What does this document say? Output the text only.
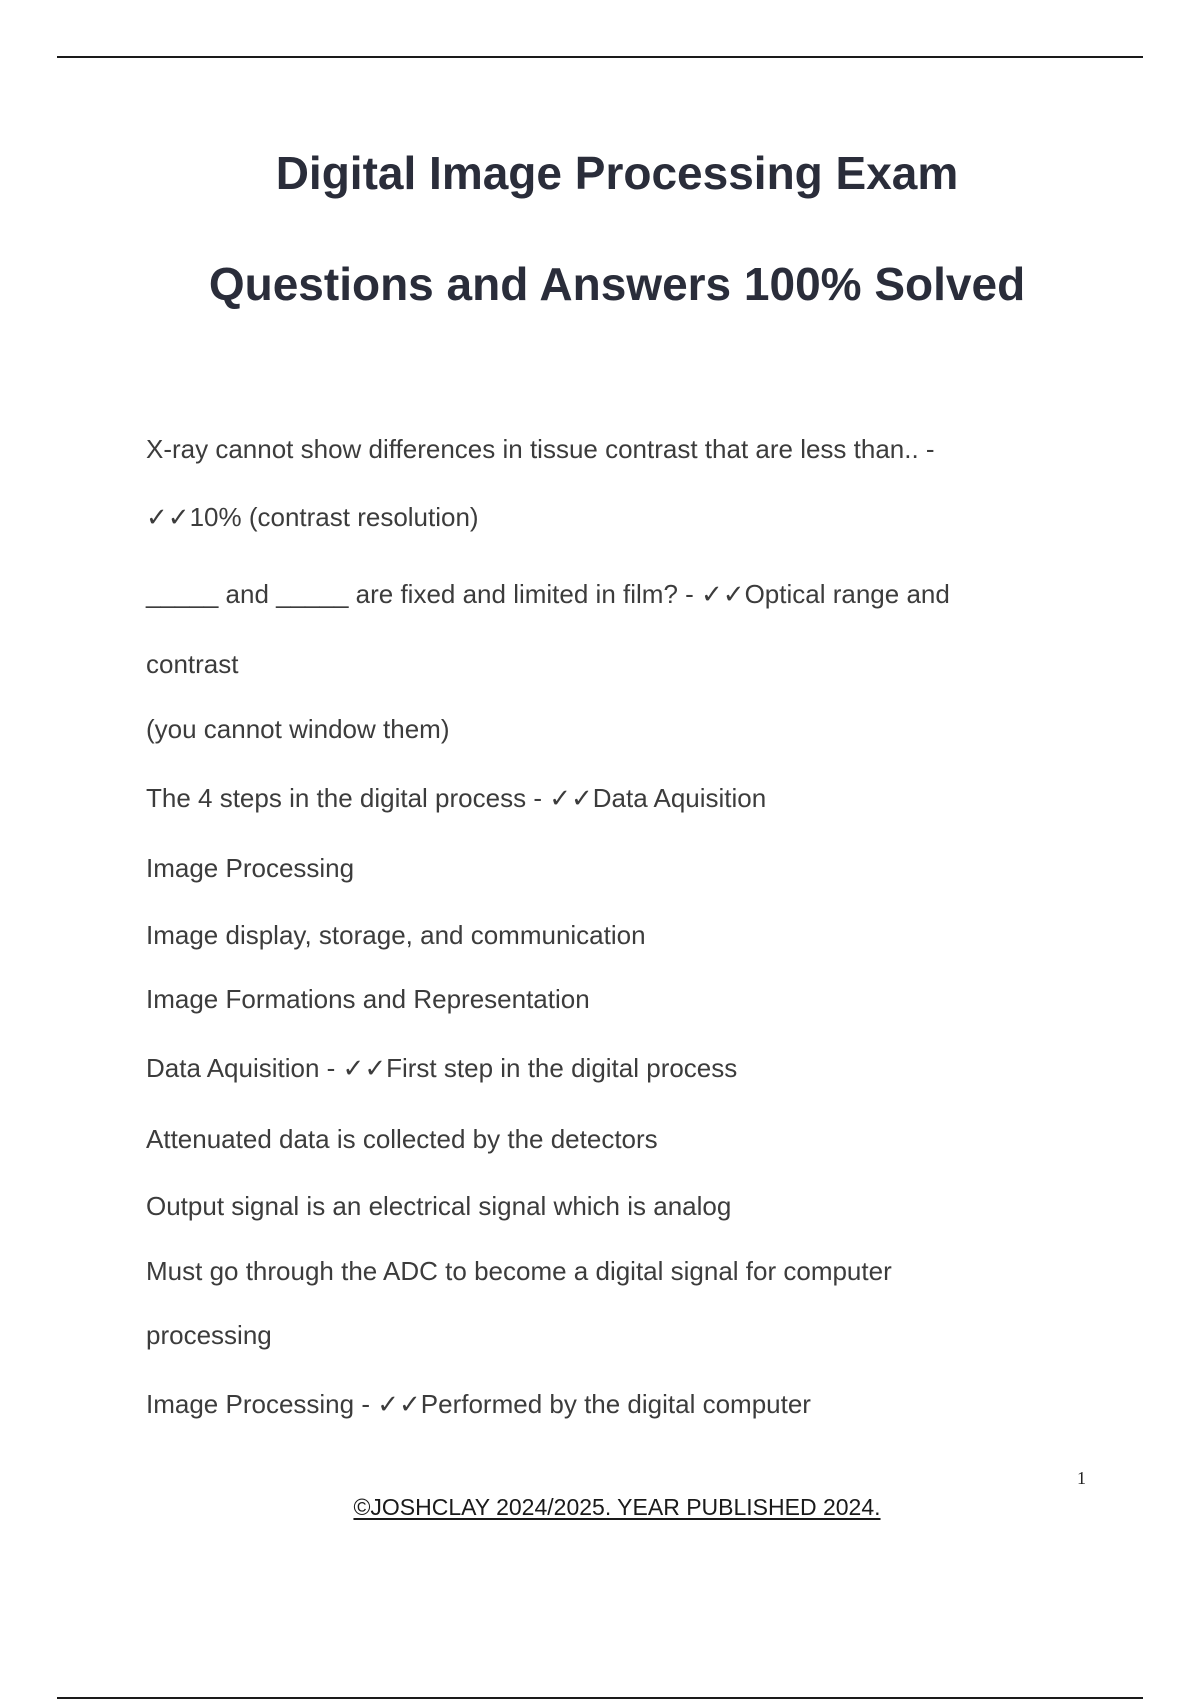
Digital Image Processing Exam
Questions and Answers 100% Solved

X-ray cannot show differences in tissue contrast that are less than.. -

✓✓10% (contrast resolution)

_____ and _____ are fixed and limited in film? - ✓✓Optical range and

contrast

(you cannot window them)

The 4 steps in the digital process - ✓✓Data Aquisition

Image Processing

Image display, storage, and communication

Image Formations and Representation

Data Aquisition - ✓✓First step in the digital process

Attenuated data is collected by the detectors

Output signal is an electrical signal which is analog

Must go through the ADC to become a digital signal for computer

processing

Image Processing - ✓✓Performed by the digital computer

1
©JOSHCLAY 2024/2025. YEAR PUBLISHED 2024.
